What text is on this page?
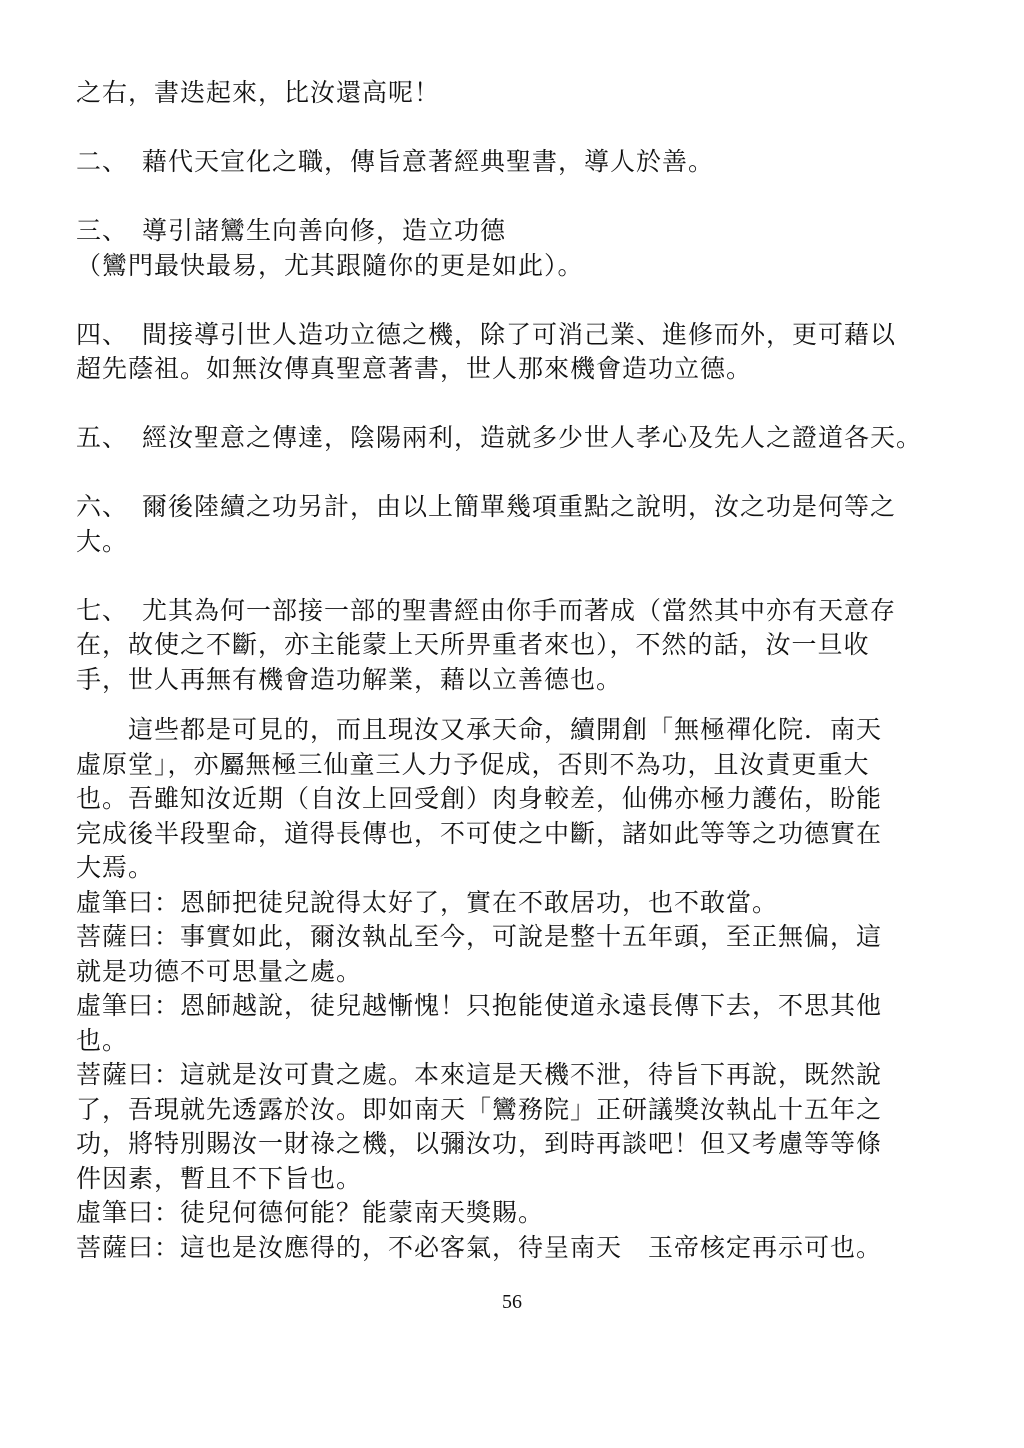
之右，書迭起來，比汝還高呢！
二、 藉代天宣化之職，傳旨意著經典聖書，導人於善。
三、 導引諸鸞生向善向修，造立功德
（鸞門最快最易，尤其跟隨你的更是如此）。
四、 間接導引世人造功立德之機，除了可消己業、進修而外，更可藉以
超先蔭祖。如無汝傳真聖意著書，世人那來機會造功立德。
五、 經汝聖意之傳達，陰陽兩利，造就多少世人孝心及先人之證道各天。
六、 爾後陸續之功另計，由以上簡單幾項重點之說明，汝之功是何等之
大。
七、 尤其為何一部接一部的聖書經由你手而著成（當然其中亦有天意存
在，故使之不斷，亦主能蒙上天所畀重者來也），不然的話，汝一旦收
手，世人再無有機會造功解業，藉以立善德也。
這些都是可見的，而且現汝又承天命，續開創「無極禪化院．南天
虛原堂」，亦屬無極三仙童三人力予促成，否則不為功，且汝責更重大
也。吾雖知汝近期（自汝上回受創）肉身較差，仙佛亦極力護佑，盼能
完成後半段聖命，道得長傳也，不可使之中斷，諸如此等等之功德實在
大焉。
虛筆曰：恩師把徒兒說得太好了，實在不敢居功，也不敢當。
菩薩曰：事實如此，爾汝執乩至今，可說是整十五年頭，至正無偏，這
就是功德不可思量之處。
虛筆曰：恩師越說，徒兒越慚愧！只抱能使道永遠長傳下去，不思其他
也。
菩薩曰：這就是汝可貴之處。本來這是天機不泄，待旨下再說，既然說
了，吾現就先透露於汝。即如南天「鸞務院」正研議獎汝執乩十五年之
功，將特別賜汝一財祿之機，以彌汝功，到時再談吧！但又考慮等等條
件因素，暫且不下旨也。
虛筆曰：徒兒何德何能？能蒙南天獎賜。
菩薩曰：這也是汝應得的，不必客氣，待呈南天　玉帝核定再示可也。
56
